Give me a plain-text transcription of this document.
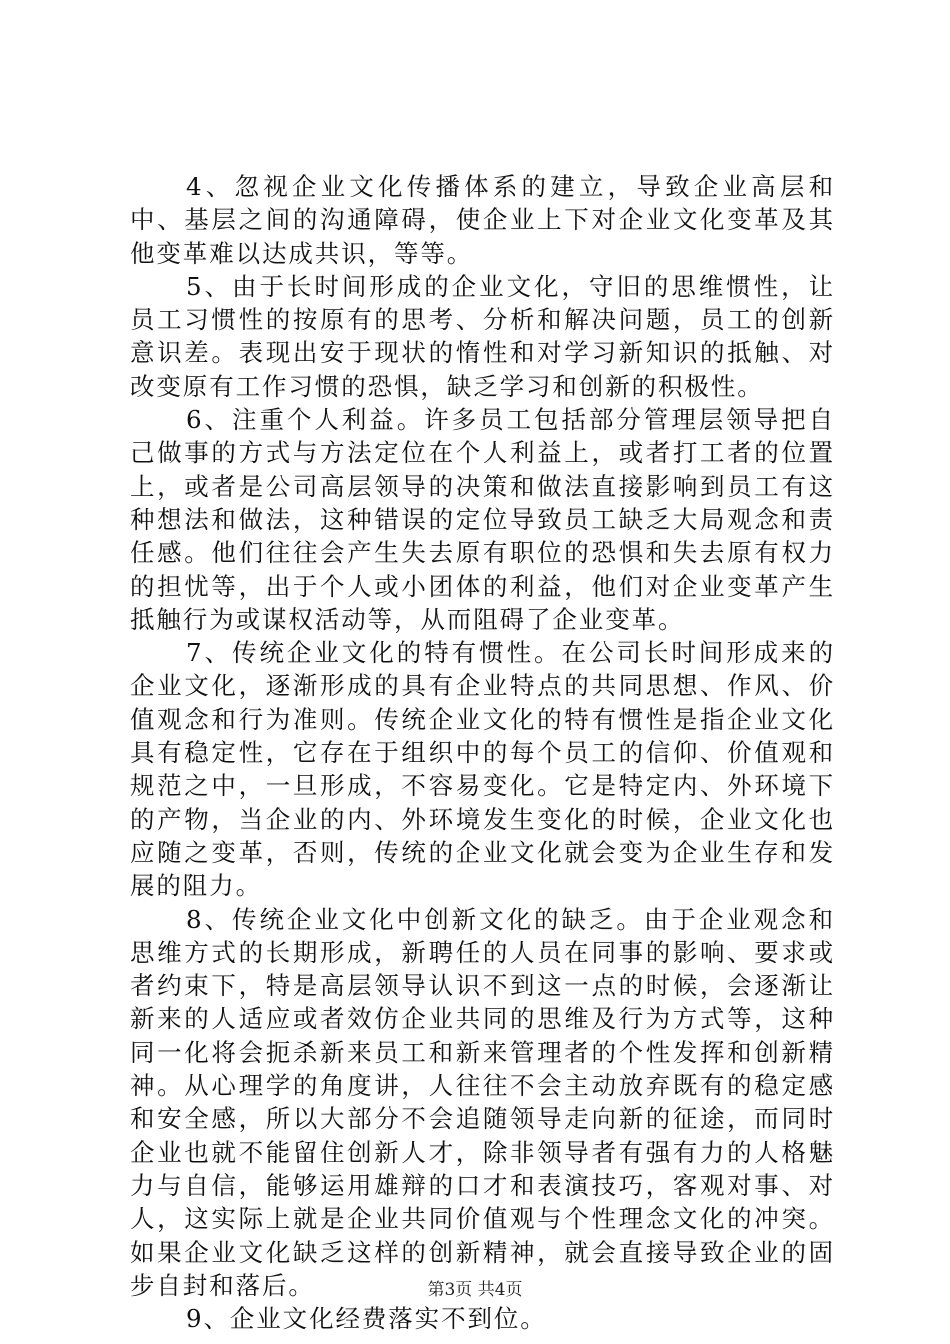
4、忽视企业文化传播体系的建立，导致企业高层和中、基层之间的沟通障碍，使企业上下对企业文化变革及其他变革难以达成共识，等等。

5、由于长时间形成的企业文化，守旧的思维惯性，让员工习惯性的按原有的思考、分析和解决问题，员工的创新意识差。表现出安于现状的惰性和对学习新知识的抵触、对改变原有工作习惯的恐惧，缺乏学习和创新的积极性。

6、注重个人利益。许多员工包括部分管理层领导把自己做事的方式与方法定位在个人利益上，或者打工者的位置上，或者是公司高层领导的决策和做法直接影响到员工有这种想法和做法，这种错误的定位导致员工缺乏大局观念和责任感。他们往往会产生失去原有职位的恐惧和失去原有权力的担忧等，出于个人或小团体的利益，他们对企业变革产生抵触行为或谋权活动等，从而阻碍了企业变革。

7、传统企业文化的特有惯性。在公司长时间形成来的企业文化，逐渐形成的具有企业特点的共同思想、作风、价值观念和行为准则。传统企业文化的特有惯性是指企业文化具有稳定性，它存在于组织中的每个员工的信仰、价值观和规范之中，一旦形成，不容易变化。它是特定内、外环境下的产物，当企业的内、外环境发生变化的时候，企业文化也应随之变革，否则，传统的企业文化就会变为企业生存和发展的阻力。

8、传统企业文化中创新文化的缺乏。由于企业观念和思维方式的长期形成，新聘任的人员在同事的影响、要求或者约束下，特是高层领导认识不到这一点的时候，会逐渐让新来的人适应或者效仿企业共同的思维及行为方式等，这种同一化将会扼杀新来员工和新来管理者的个性发挥和创新精神。从心理学的角度讲，人往往不会主动放弃既有的稳定感和安全感，所以大部分不会追随领导走向新的征途，而同时企业也就不能留住创新人才，除非领导者有强有力的人格魅力与自信，能够运用雄辩的口才和表演技巧，客观对事、对人，这实际上就是企业共同价值观与个性理念文化的冲突。如果企业文化缺乏这样的创新精神，就会直接导致企业的固步自封和落后。

9、企业文化经费落实不到位。

第3页 共4页
